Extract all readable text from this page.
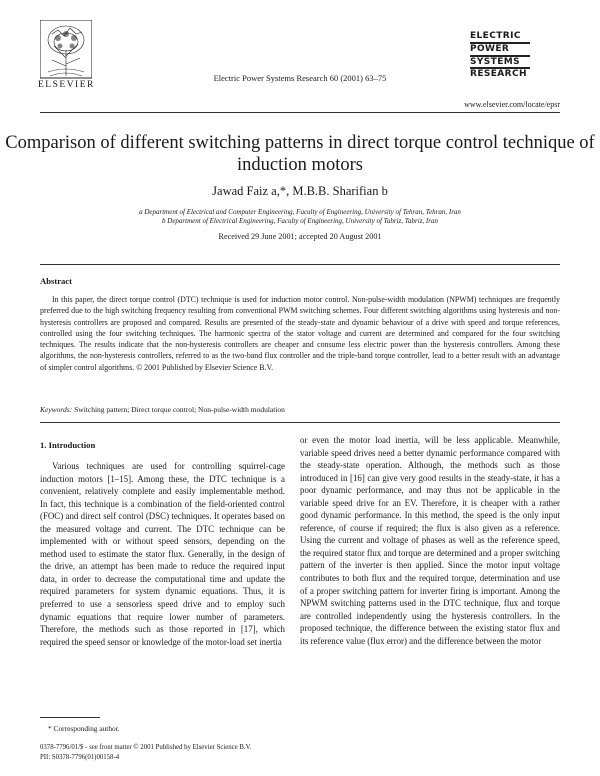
ELSEVIER
Electric Power Systems Research 60 (2001) 63–75
ELECTRIC
POWER
SYSTEMS
RESEARCH
www.elsevier.com/locate/epsr
Comparison of different switching patterns in direct torque control technique of induction motors
Jawad Faiz a,*, M.B.B. Sharifian b
a Department of Electrical and Computer Engineering, Faculty of Engineering, University of Tehran, Tehran, Iran
b Department of Electrical Engineering, Faculty of Engineering, University of Tabriz, Tabriz, Iran
Received 29 June 2001; accepted 20 August 2001
Abstract
In this paper, the direct torque control (DTC) technique is used for induction motor control. Non-pulse-width modulation (NPWM) techniques are frequently preferred due to the high switching frequency resulting from conventional PWM switching schemes. Four different switching algorithms using hysteresis and non-hysteresis controllers are proposed and compared. Results are presented of the steady-state and dynamic behaviour of a drive with speed and torque references, controlled using the four switching techniques. The harmonic spectra of the stator voltage and current are determined and compared for the four switching techniques. The results indicate that the non-hysteresis controllers are cheaper and consume less electric power than the hysteresis controllers. Among these algorithms, the non-hysteresis controllers, referred to as the two-band flux controller and the triple-band torque controller, lead to a better result with an advantage of simpler control algorithms. © 2001 Published by Elsevier Science B.V.
Keywords: Switching pattern; Direct torque control; Non-pulse-width modulation
1. Introduction
Various techniques are used for controlling squirrel-cage induction motors [1–15]. Among these, the DTC technique is a convenient, relatively complete and easily implementable method. In fact, this technique is a combination of the field-oriented control (FOC) and direct self control (DSC) techniques. It operates based on the measured voltage and current. The DTC technique can be implemented with or without speed sensors, depending on the method used to estimate the stator flux. Generally, in the design of the drive, an attempt has been made to reduce the required input data, in order to decrease the computational time and update the required parameters for system dynamic equations. Thus, it is preferred to use a sensorless speed drive and to employ such dynamic equations that require lower number of parameters. Therefore, the methods such as those reported in [17], which required the speed sensor or knowledge of the motor-load set inertia
or even the motor load inertia, will be less applicable. Meanwhile, variable speed drives need a better dynamic performance compared with the steady-state operation. Although, the methods such as those introduced in [16] can give very good results in the steady-state, it has a poor dynamic performance, and may thus not be applicable in the variable speed drive for an EV. Therefore, it is cheaper with a rather good dynamic performance. In this method, the speed is the only input reference, of course if required; the flux is also given as a reference. Using the current and voltage of phases as well as the reference speed, the required stator flux and torque are determined and a proper switching pattern of the inverter is then applied. Since the motor input voltage contributes to both flux and the required torque, determination and use of a proper switching pattern for inverter firing is important. Among the NPWM switching patterns used in the DTC technique, flux and torque are controlled independently using the hysteresis controllers. In the proposed technique, the difference between the existing stator flux and its reference value (flux error) and the difference between the motor
* Corresponding author.
0378-7796/01/$ - see front matter © 2001 Published by Elsevier Science B.V.
PII: S0378-7796(01)00158-4
